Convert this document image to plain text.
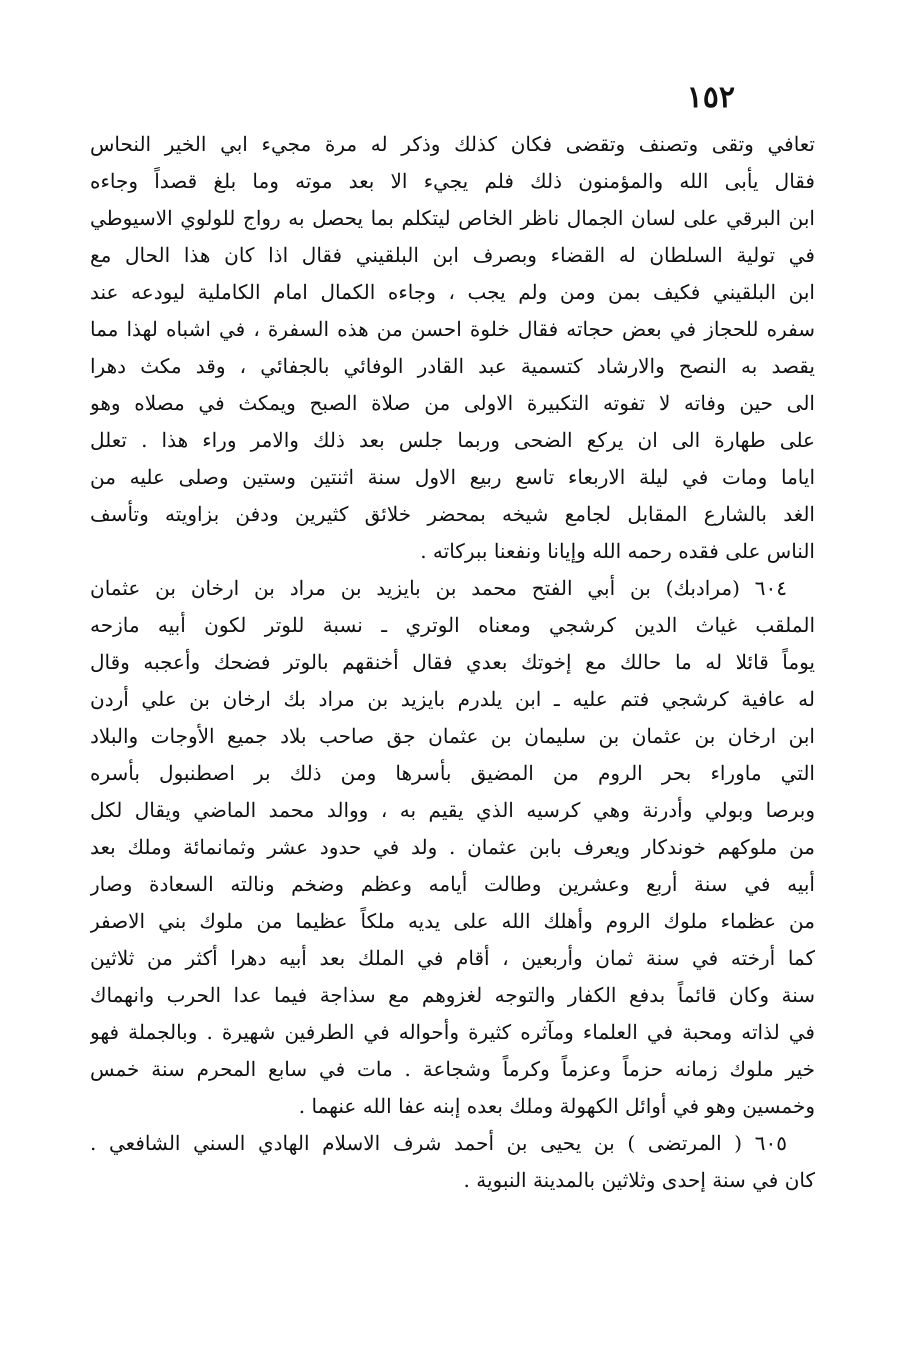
١٥٢
تعافي وتقى وتصنف وتقضى فكان كذلك وذكر له مرة مجيء ابي الخير النحاس
فقال يأبى الله والمؤمنون ذلك فلم يجيء الا بعد موته وما بلغ قصداً وجاءه
ابن البرقي على لسان الجمال ناظر الخاص ليتكلم بما يحصل به رواج للولوي الاسيوطي
في تولية السلطان له القضاء وبصرف ابن البلقيني فقال اذا كان هذا الحال مع
ابن البلقيني فكيف بمن ومن ولم يجب ، وجاءه الكمال امام الكاملية ليودعه عند
سفره للحجاز في بعض حجاته فقال خلوة احسن من هذه السفرة ، في اشباه لهذا مما
يقصد به النصح والارشاد كتسمية عبد القادر الوفائي بالجفائي ، وقد مكث دهرا
الى حين وفاته لا تفوته التكبيرة الاولى من صلاة الصبح ويمكث في مصلاه وهو
على طهارة الى ان يركع الضحى وربما جلس بعد ذلك والامر وراء هذا . تعلل
اياما ومات في ليلة الاربعاء تاسع ربيع الاول سنة اثنتين وستين وصلى عليه من
الغد بالشارع المقابل لجامع شيخه بمحضر خلائق كثيرين ودفن بزاويته وتأسف
الناس على فقده رحمه الله وإيانا ونفعنا ببركاته .
٦٠٤ (مرادبك) بن أبي الفتح محمد بن بايزيد بن مراد بن ارخان بن عثمان
الملقب غياث الدين كرشجي ومعناه الوتري ـ نسبة للوتر لكون أبيه مازحه
يوماً قائلا له ما حالك مع إخوتك بعدي فقال أخنقهم بالوتر فضحك وأعجبه وقال
له عافية كرشجي فتم عليه ـ ابن يلدرم بايزيد بن مراد بك ارخان بن علي أردن
ابن ارخان بن عثمان بن سليمان بن عثمان جق صاحب بلاد جميع الأوجات والبلاد
التي ماوراء بحر الروم من المضيق بأسرها ومن ذلك بر اصطنبول بأسره
وبرصا وبولي وأدرنة وهي كرسيه الذي يقيم به ، ووالد محمد الماضي ويقال لكل
من ملوكهم خوندكار ويعرف بابن عثمان . ولد في حدود عشر وثمانمائة وملك بعد
أبيه في سنة أربع وعشرين وطالت أيامه وعظم وضخم ونالته السعادة وصار
من عظماء ملوك الروم وأهلك الله على يديه ملكاً عظيما من ملوك بني الاصفر
كما أرخته في سنة ثمان وأربعين ، أقام في الملك بعد أبيه دهرا أكثر من ثلاثين
سنة وكان قائماً بدفع الكفار والتوجه لغزوهم مع سذاجة فيما عدا الحرب وانهماك
في لذاته ومحبة في العلماء ومآثره كثيرة وأحواله في الطرفين شهيرة . وبالجملة فهو
خير ملوك زمانه حزماً وعزماً وكرماً وشجاعة . مات في سابع المحرم سنة خمس
وخمسين وهو في أوائل الكهولة وملك بعده إبنه عفا الله عنهما .
٦٠٥ ( المرتضى ) بن يحيى بن أحمد شرف الاسلام الهادي السني الشافعي .
كان في سنة إحدى وثلاثين بالمدينة النبوية .
